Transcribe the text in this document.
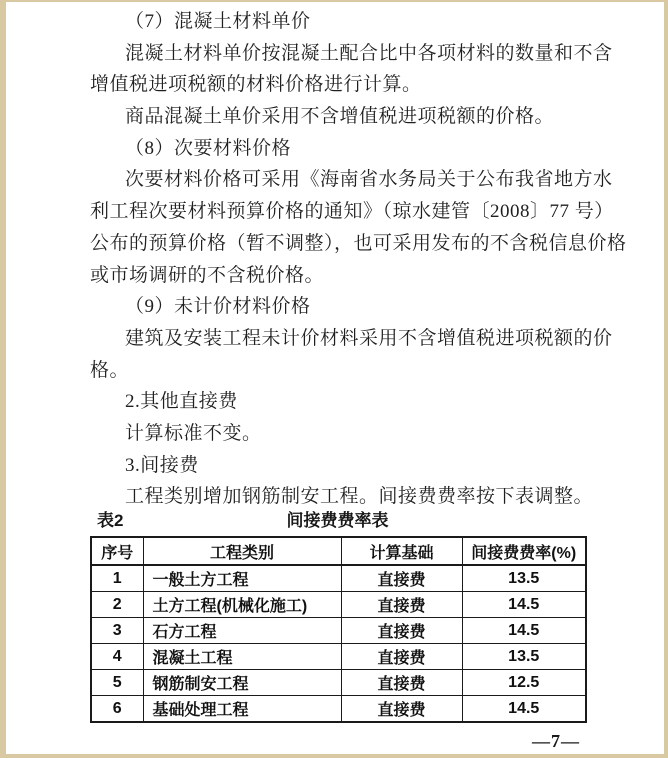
（7）混凝土材料单价
混凝土材料单价按混凝土配合比中各项材料的数量和不含
增值税进项税额的材料价格进行计算。
商品混凝土单价采用不含增值税进项税额的价格。
（8）次要材料价格
次要材料价格可采用《海南省水务局关于公布我省地方水
利工程次要材料预算价格的通知》（琼水建管〔2008〕77 号）
公布的预算价格（暂不调整），也可采用发布的不含税信息价格
或市场调研的不含税价格。
（9）未计价材料价格
建筑及安装工程未计价材料采用不含增值税进项税额的价
格。
2.其他直接费
计算标准不变。
3.间接费
工程类别增加钢筋制安工程。间接费费率按下表调整。
表2	间接费费率表
序号	工程类别	计算基础	间接费费率(%)
1	一般土方工程	直接费	13.5
2	土方工程(机械化施工)	直接费	14.5
3	石方工程	直接费	14.5
4	混凝土工程	直接费	13.5
5	钢筋制安工程	直接费	12.5
6	基础处理工程	直接费	14.5
—7—
